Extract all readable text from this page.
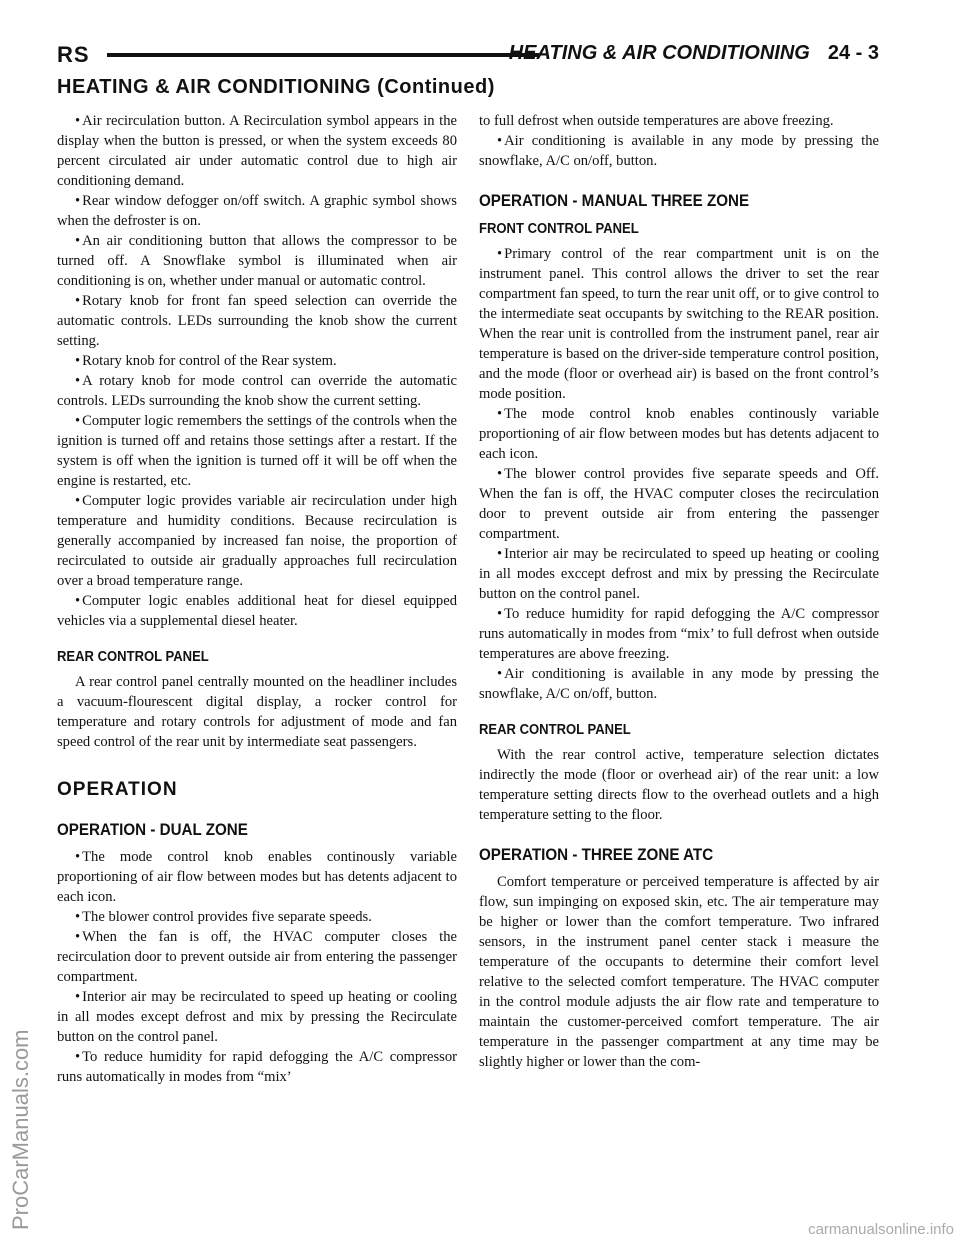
RS	HEATING & AIR CONDITIONING 24 - 3
HEATING & AIR CONDITIONING (Continued)
ProCarManuals.com	carmanualsonline.info

• Air recirculation button. A Recirculation symbol appears in the display when the button is pressed, or when the system exceeds 80 percent circulated air under automatic control due to high air conditioning demand.

• Rear window defogger on/off switch. A graphic symbol shows when the defroster is on.

• An air conditioning button that allows the compressor to be turned off. A Snowflake symbol is illuminated when air conditioning is on, whether under manual or automatic control.

• Rotary knob for front fan speed selection can override the automatic controls. LEDs surrounding the knob show the current setting.

• Rotary knob for control of the Rear system.

• A rotary knob for mode control can override the automatic controls. LEDs surrounding the knob show the current setting.

• Computer logic remembers the settings of the controls when the ignition is turned off and retains those settings after a restart. If the system is off when the ignition is turned off it will be off when the engine is restarted, etc.

• Computer logic provides variable air recirculation under high temperature and humidity conditions. Because recirculation is generally accompanied by increased fan noise, the proportion of recirculated to outside air gradually approaches full recirculation over a broad temperature range.

• Computer logic enables additional heat for diesel equipped vehicles via a supplemental diesel heater.

REAR CONTROL PANEL

A rear control panel centrally mounted on the headliner includes a vacuum-flourescent digital display, a rocker control for temperature and rotary controls for adjustment of mode and fan speed control of the rear unit by intermediate seat passengers.

OPERATION
OPERATION - DUAL ZONE

• The mode control knob enables continously variable proportioning of air flow between modes but has detents adjacent to each icon.

• The blower control provides five separate speeds.

• When the fan is off, the HVAC computer closes the recirculation door to prevent outside air from entering the passenger compartment.

• Interior air may be recirculated to speed up heating or cooling in all modes except defrost and mix by pressing the Recirculate button on the control panel.

• To reduce humidity for rapid defogging the A/C compressor runs automatically in modes from “mix’

to full defrost when outside temperatures are above freezing.

• Air conditioning is available in any mode by pressing the snowflake, A/C on/off, button.

OPERATION - MANUAL THREE ZONE
FRONT CONTROL PANEL

• Primary control of the rear compartment unit is on the instrument panel. This control allows the driver to set the rear compartment fan speed, to turn the rear unit off, or to give control to the intermediate seat occupants by switching to the REAR position. When the rear unit is controlled from the instrument panel, rear air temperature is based on the driver-side temperature control position, and the mode (floor or overhead air) is based on the front control’s mode position.

• The mode control knob enables continously variable proportioning of air flow between modes but has detents adjacent to each icon.

• The blower control provides five separate speeds and Off. When the fan is off, the HVAC computer closes the recirculation door to prevent outside air from entering the passenger compartment.

• Interior air may be recirculated to speed up heating or cooling in all modes exccept defrost and mix by pressing the Recirculate button on the control panel.

• To reduce humidity for rapid defogging the A/C compressor runs automatically in modes from “mix’ to full defrost when outside temperatures are above freezing.

• Air conditioning is available in any mode by pressing the snowflake, A/C on/off, button.

REAR CONTROL PANEL

With the rear control active, temperature selection dictates indirectly the mode (floor or overhead air) of the rear unit: a low temperature setting directs flow to the overhead outlets and a high temperature setting to the floor.

OPERATION - THREE ZONE ATC

Comfort temperature or perceived temperature is affected by air flow, sun impinging on exposed skin, etc. The air temperature may be higher or lower than the comfort temperature. Two infrared sensors, in the instrument panel center stack i measure the temperature of the occupants to determine their comfort level relative to the selected comfort temperature. The HVAC computer in the control module adjusts the air flow rate and temperature to maintain the customer-perceived comfort temperature. The air temperature in the passenger compartment at any time may be slightly higher or lower than the com-
